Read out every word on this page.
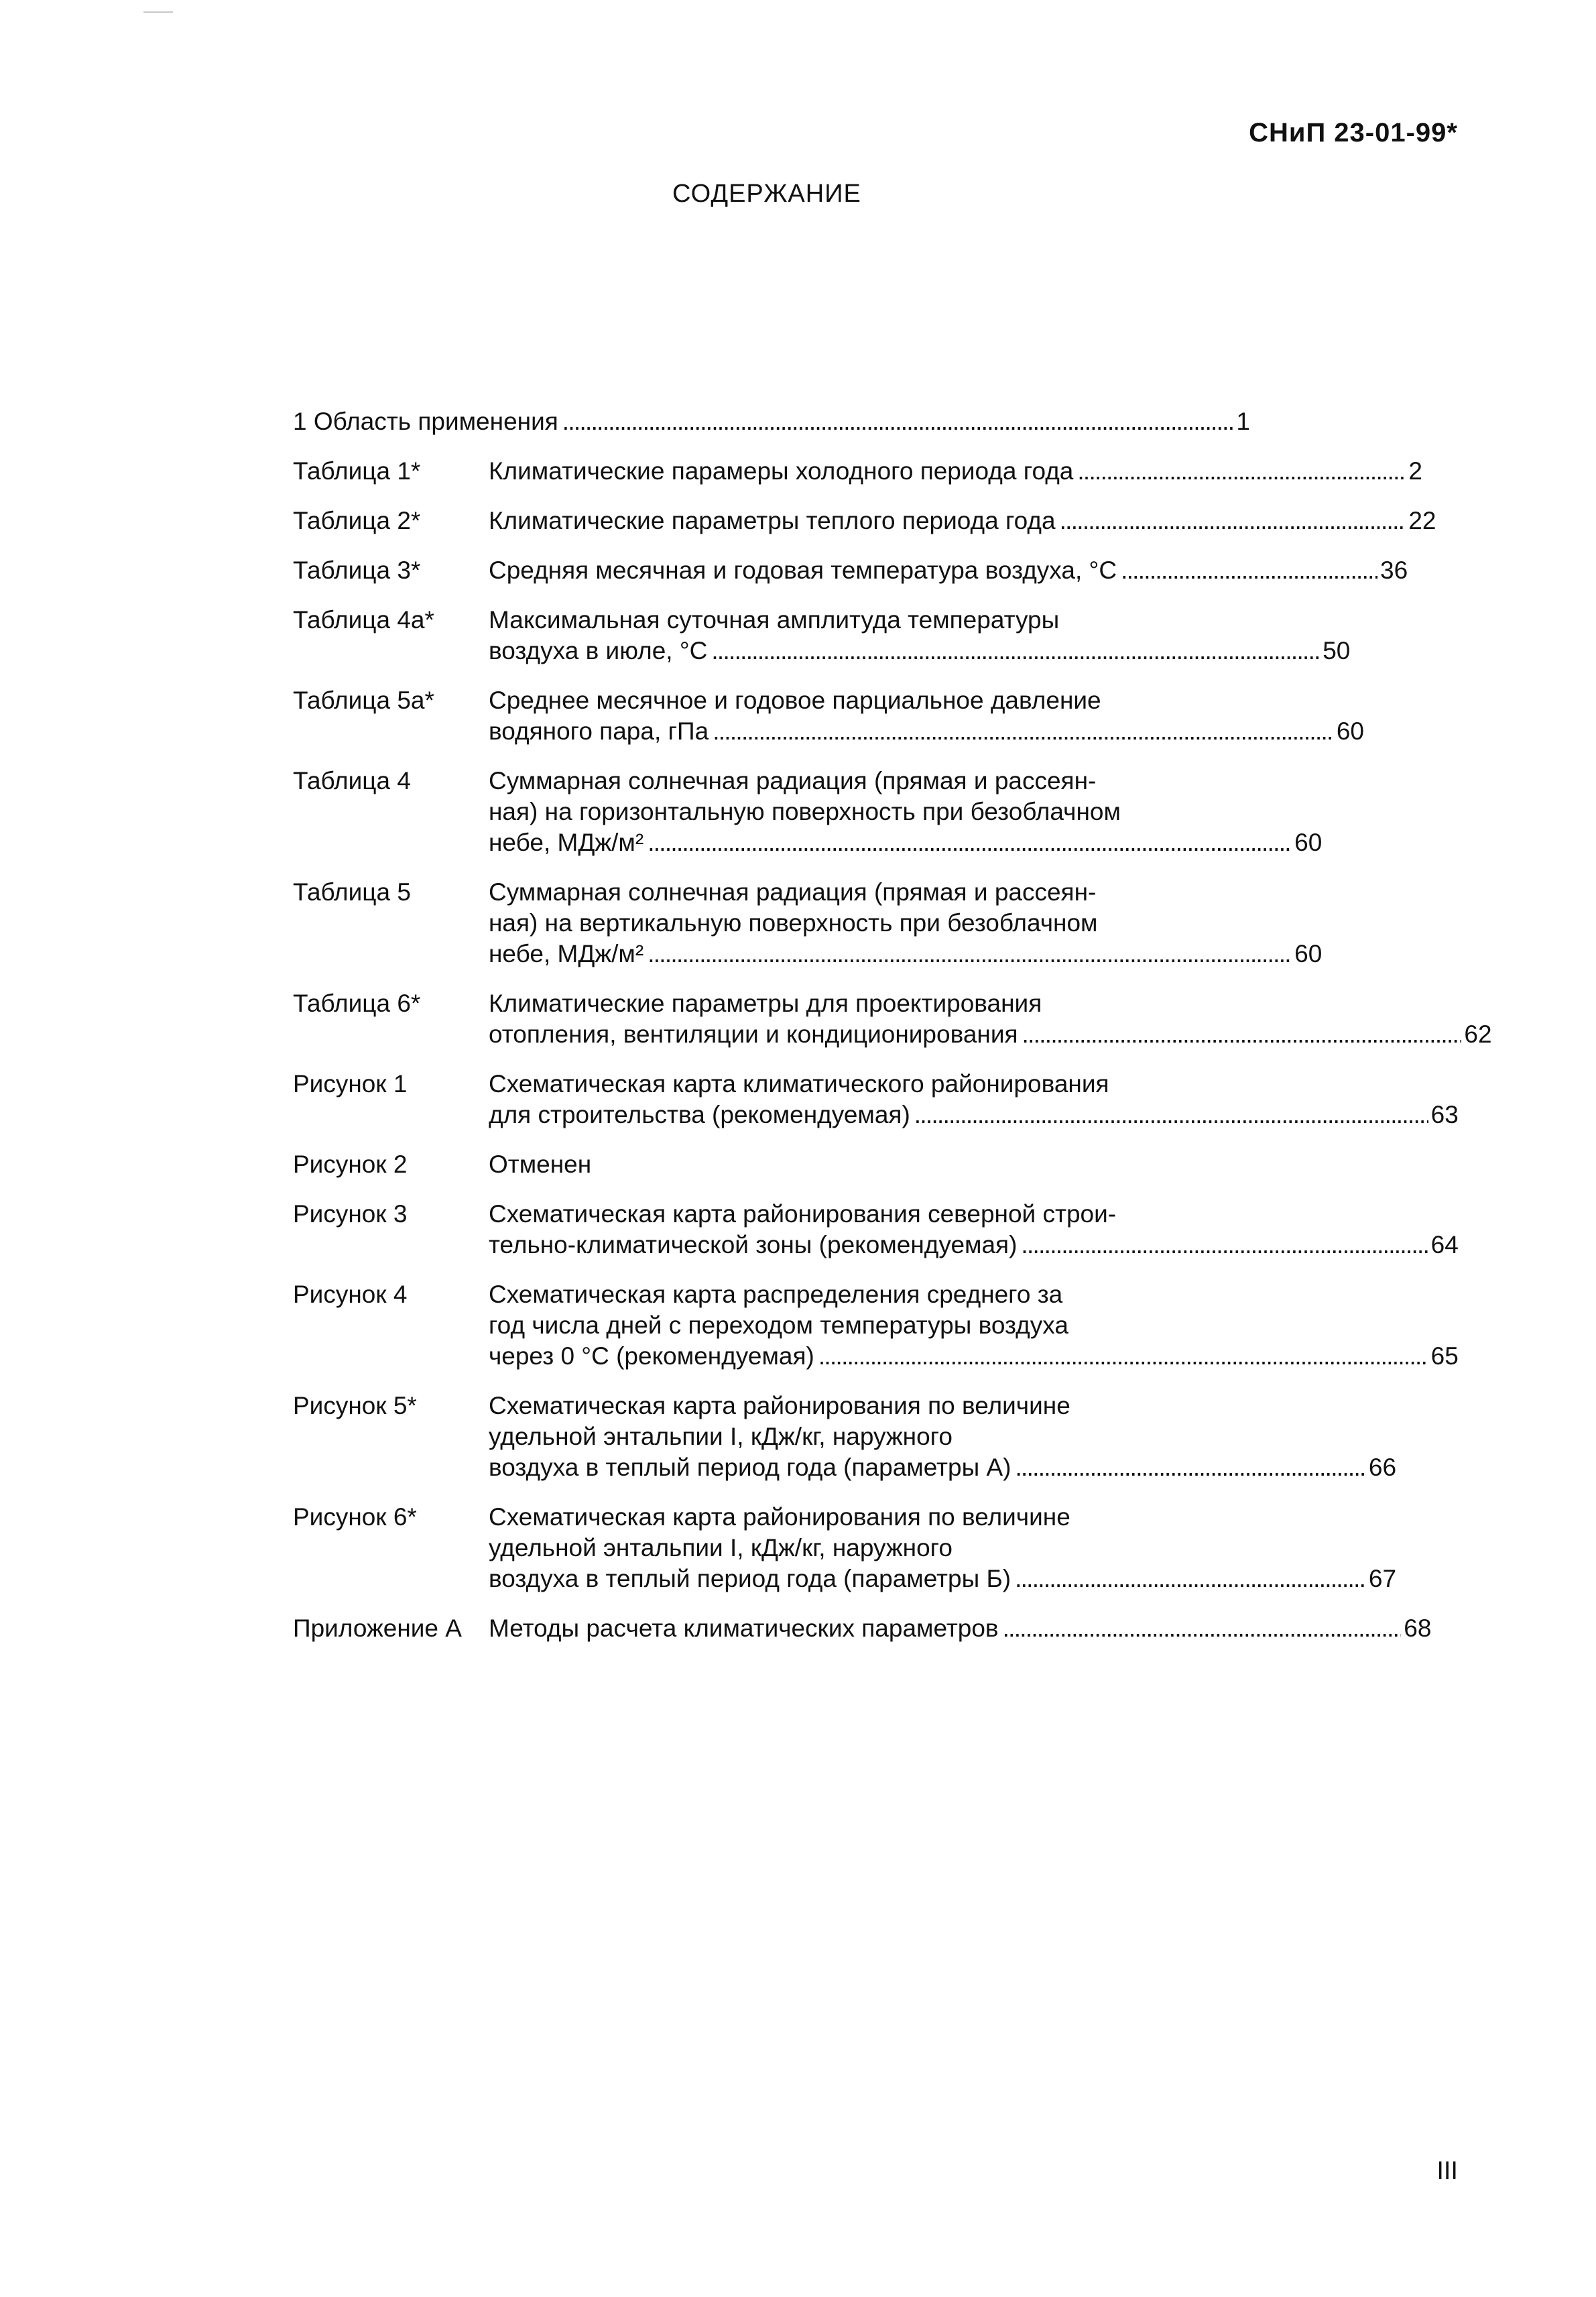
СНиП 23-01-99*
СОДЕРЖАНИЕ
1 Область применения . . .	1
Таблица 1*	Климатические парамеры холодного периода года . . .	2
Таблица 2*	Климатические параметры теплого периода года . . .	22
Таблица 3*	Средняя месячная и годовая температура воздуха, °С . . .	36
Таблица 4а*	Максимальная суточная амплитуда температуры
воздуха в июле, °С . . .	50
Таблица 5а*	Среднее месячное и годовое парциальное давление
водяного пара, гПа . . .	60
Таблица 4	Суммарная солнечная радиация (прямая и рассеян-
ная) на горизонтальную поверхность при безоблачном
небе, МДж/м² . . .	60
Таблица 5	Суммарная солнечная радиация (прямая и рассеян-
ная) на вертикальную поверхность при безоблачном
небе, МДж/м² . . .	60
Таблица 6*	Климатические параметры для проектирования
отопления, вентиляции и кондиционирования . . .	62
Рисунок 1	Схематическая карта климатического районирования
для строительства (рекомендуемая) . . .	63
Рисунок 2	Отменен
Рисунок 3	Схематическая карта районирования северной строи-
тельно-климатической зоны (рекомендуемая) . . .	64
Рисунок 4	Схематическая карта распределения среднего за
год числа дней с переходом температуры воздуха
через 0 °С (рекомендуемая) . . .	65
Рисунок 5*	Схематическая карта районирования по величине
удельной энтальпии I, кДж/кг, наружного
воздуха в теплый период года (параметры А) . . .	66
Рисунок 6*	Схематическая карта районирования по величине
удельной энтальпии I, кДж/кг, наружного
воздуха в теплый период года (параметры Б) . . .	67
Приложение А	Методы расчета климатических параметров . . .	68
III
